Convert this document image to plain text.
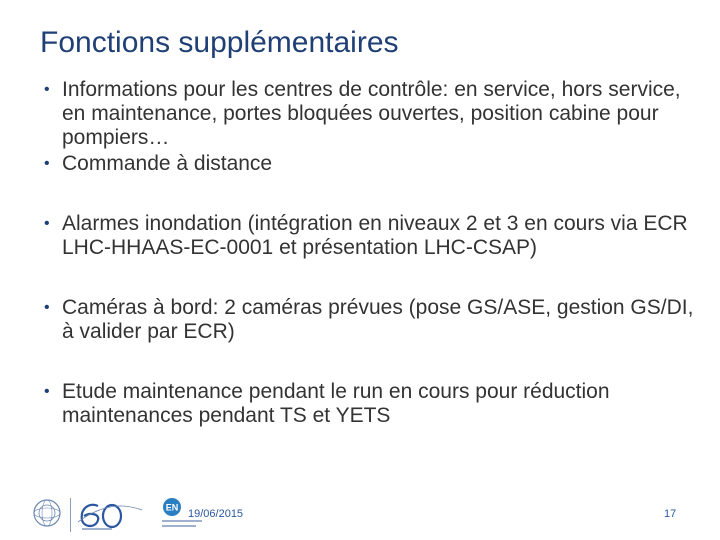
Fonctions supplémentaires
• Informations pour les centres de contrôle: en service, hors service, en maintenance, portes bloquées ouvertes, position cabine pour pompiers…
• Commande à distance
• Alarmes inondation (intégration en niveaux 2 et 3 en cours via ECR LHC-HHAAS-EC-0001 et présentation LHC-CSAP)
• Caméras à bord: 2 caméras prévues (pose GS/ASE, gestion GS/DI, à valider par ECR)
• Etude maintenance pendant le run en cours pour réduction maintenances pendant TS et YETS
EN
19/06/2015	17
